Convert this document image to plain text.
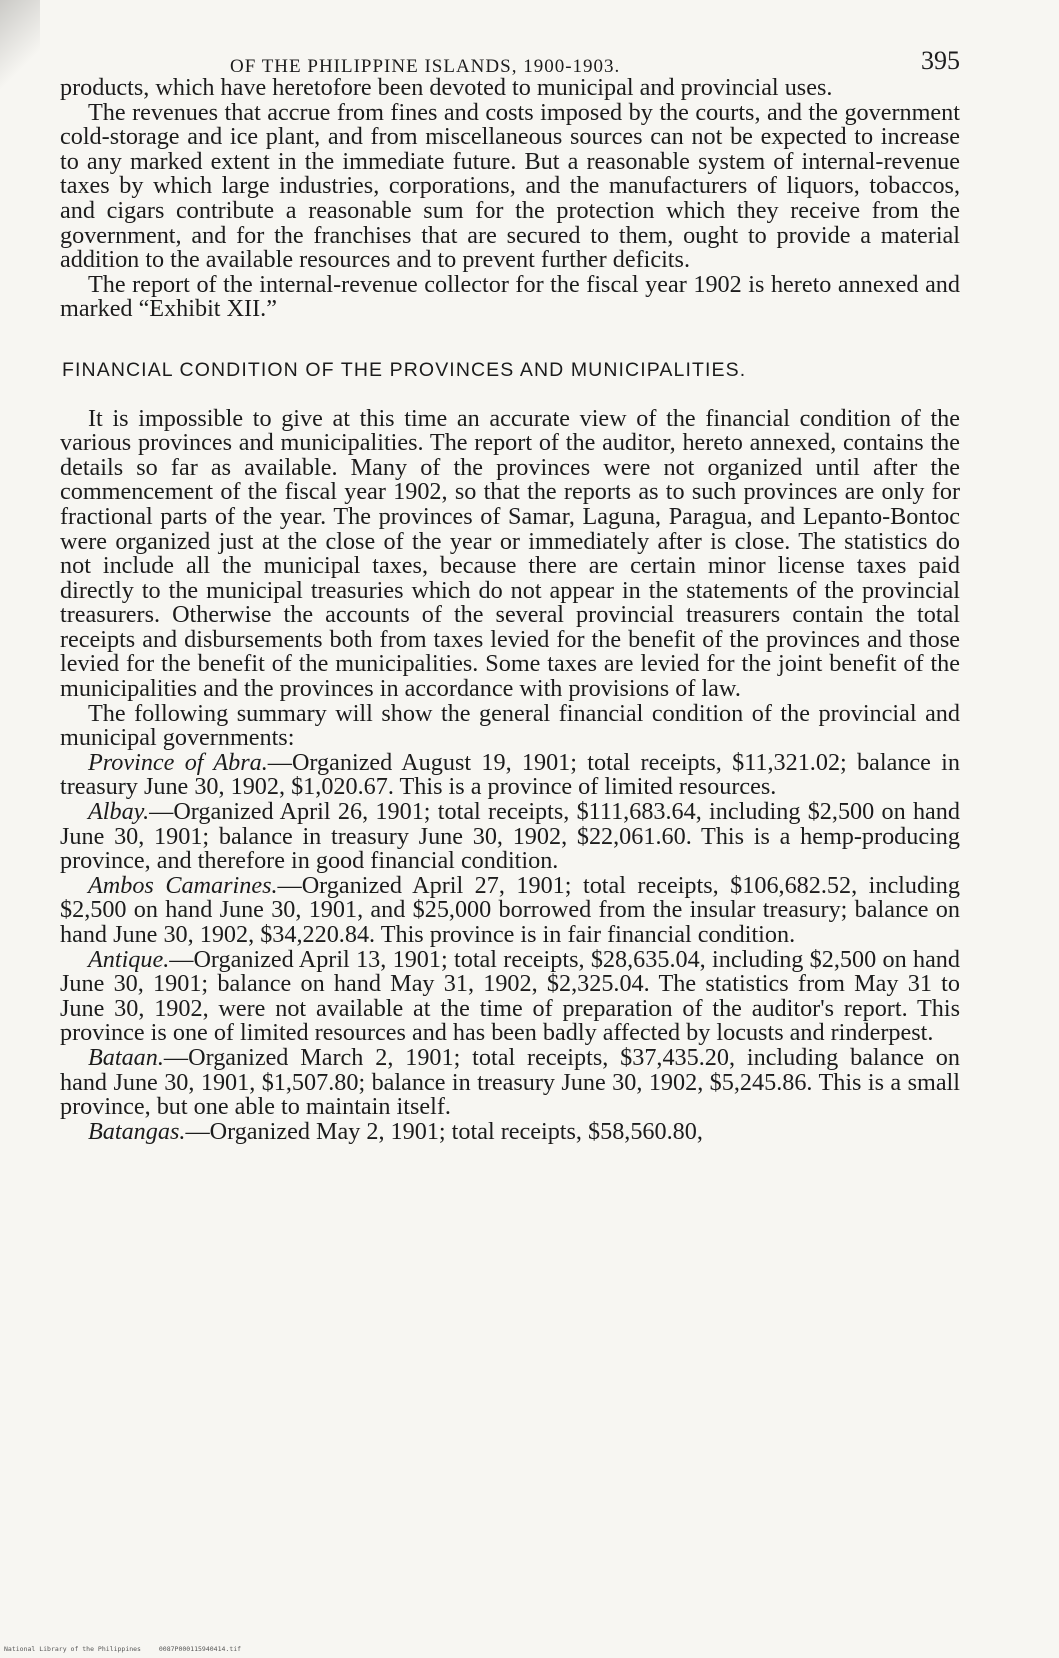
OF THE PHILIPPINE ISLANDS, 1900-1903.	395

products, which have heretofore been devoted to municipal and provincial uses.

The revenues that accrue from fines and costs imposed by the courts, and the government cold-storage and ice plant, and from miscellaneous sources can not be expected to increase to any marked extent in the immediate future. But a reasonable system of internal-revenue taxes by which large industries, corporations, and the manufacturers of liquors, tobaccos, and cigars contribute a reasonable sum for the protection which they receive from the government, and for the franchises that are secured to them, ought to provide a material addition to the available resources and to prevent further deficits.

The report of the internal-revenue collector for the fiscal year 1902 is hereto annexed and marked “Exhibit XII.”

FINANCIAL CONDITION OF THE PROVINCES AND MUNICIPALITIES.

It is impossible to give at this time an accurate view of the financial condition of the various provinces and municipalities. The report of the auditor, hereto annexed, contains the details so far as available. Many of the provinces were not organized until after the commencement of the fiscal year 1902, so that the reports as to such provinces are only for fractional parts of the year. The provinces of Samar, Laguna, Paragua, and Lepanto-Bontoc were organized just at the close of the year or immediately after is close. The statistics do not include all the municipal taxes, because there are certain minor license taxes paid directly to the municipal treasuries which do not appear in the statements of the provincial treasurers. Otherwise the accounts of the several provincial treasurers contain the total receipts and disbursements both from taxes levied for the benefit of the provinces and those levied for the benefit of the municipalities. Some taxes are levied for the joint benefit of the municipalities and the provinces in accordance with provisions of law.

The following summary will show the general financial condition of the provincial and municipal governments:

Province of Abra.—Organized August 19, 1901; total receipts, $11,321.02; balance in treasury June 30, 1902, $1,020.67. This is a province of limited resources.

Albay.—Organized April 26, 1901; total receipts, $111,683.64, including $2,500 on hand June 30, 1901; balance in treasury June 30, 1902, $22,061.60. This is a hemp-producing province, and therefore in good financial condition.

Ambos Camarines.—Organized April 27, 1901; total receipts, $106,682.52, including $2,500 on hand June 30, 1901, and $25,000 borrowed from the insular treasury; balance on hand June 30, 1902, $34,220.84. This province is in fair financial condition.

Antique.—Organized April 13, 1901; total receipts, $28,635.04, including $2,500 on hand June 30, 1901; balance on hand May 31, 1902, $2,325.04. The statistics from May 31 to June 30, 1902, were not available at the time of preparation of the auditor's report. This province is one of limited resources and has been badly affected by locusts and rinderpest.

Bataan.—Organized March 2, 1901; total receipts, $37,435.20, including balance on hand June 30, 1901, $1,507.80; balance in treasury June 30, 1902, $5,245.86. This is a small province, but one able to maintain itself.

Batangas.—Organized May 2, 1901; total receipts, $58,560.80,

National Library of the Philippines	0087P000115940414.tif
